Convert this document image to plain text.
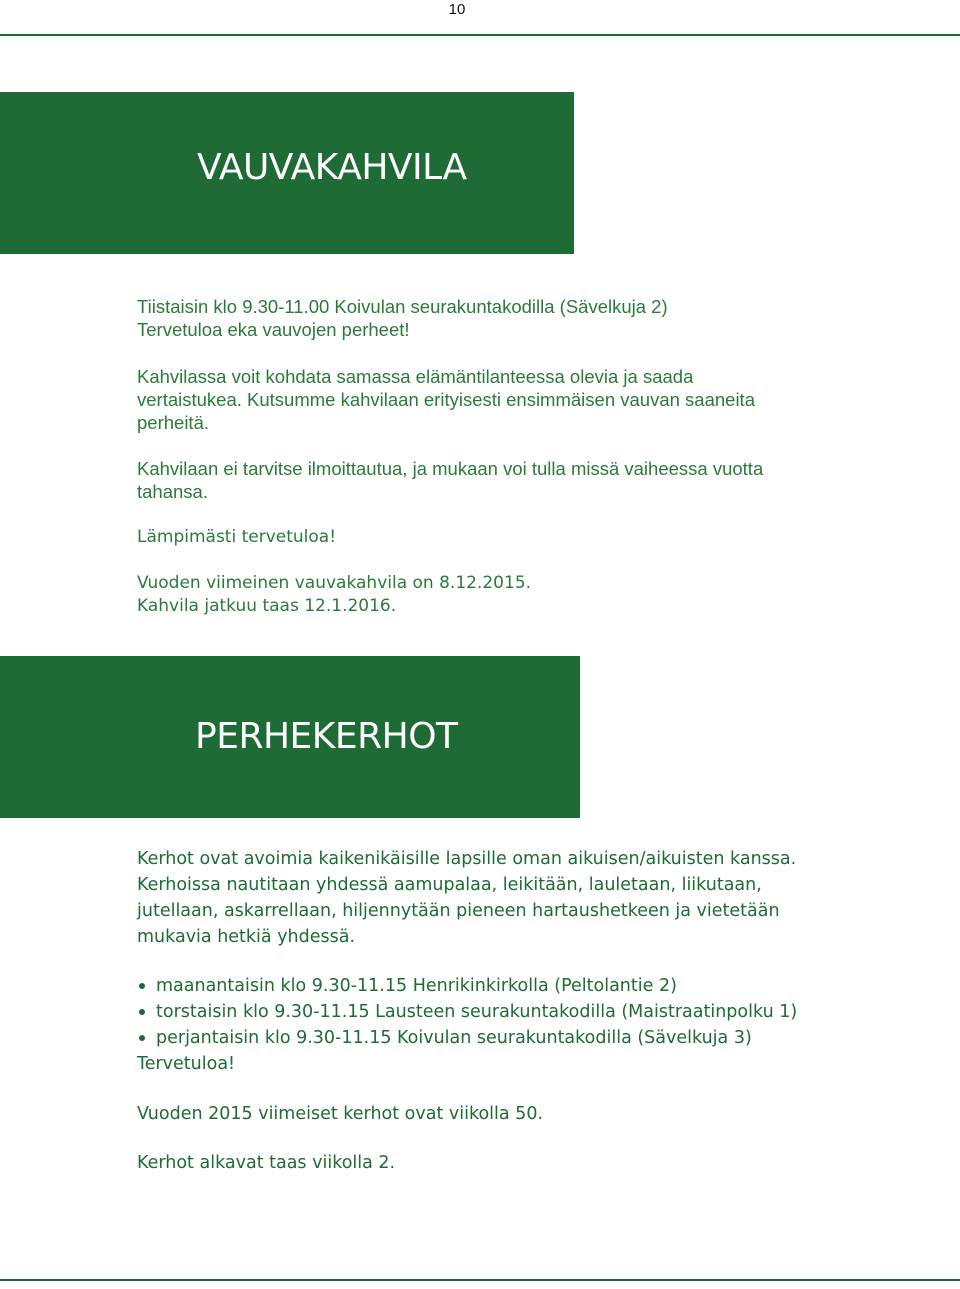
10
VAUVAKAHVILA
Tiistaisin klo 9.30-11.00 Koivulan seurakuntakodilla (Sävelkuja 2)
Tervetuloa eka vauvojen perheet!
Kahvilassa voit kohdata samassa elämäntilanteessa olevia ja saada
vertaistukea. Kutsumme kahvilaan erityisesti ensimmäisen vauvan saaneita
perheitä.
Kahvilaan ei tarvitse ilmoittautua, ja mukaan voi tulla missä vaiheessa vuotta
tahansa.
Lämpimästi tervetuloa!
Vuoden viimeinen vauvakahvila on 8.12.2015.
Kahvila jatkuu taas 12.1.2016.
PERHEKERHOT
Kerhot ovat avoimia kaikenikäisille lapsille oman aikuisen/aikuisten kanssa.
Kerhoissa nautitaan yhdessä aamupalaa, leikitään, lauletaan, liikutaan,
jutellaan, askarrellaan, hiljennytään pieneen hartaushetkeen ja vietetään
mukavia hetkiä yhdessä.
maanantaisin klo 9.30-11.15 Henrikinkirkolla (Peltolantie 2)
torstaisin klo 9.30-11.15 Lausteen seurakuntakodilla (Maistraatinpolku 1)
perjantaisin klo 9.30-11.15 Koivulan seurakuntakodilla (Sävelkuja 3)
Tervetuloa!
Vuoden 2015 viimeiset kerhot ovat viikolla 50.
Kerhot alkavat taas viikolla 2.
